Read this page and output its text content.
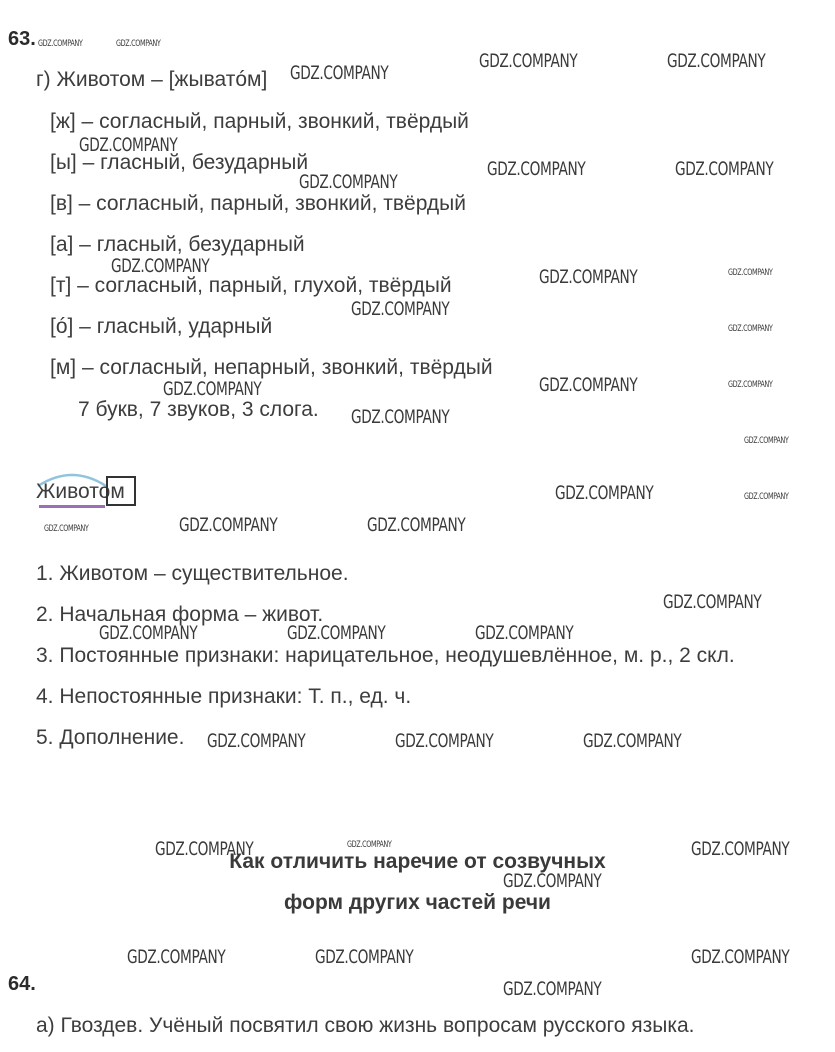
63.
г) Животом – [жыватóм]
[ж] – согласный, парный, звонкий, твёрдый
[ы] – гласный, безударный
[в] – согласный, парный, звонкий, твёрдый
[а] – гласный, безударный
[т] – согласный, парный, глухой, твёрдый
[ó] – гласный, ударный
[м] – согласный, непарный, звонкий, твёрдый
7 букв, 7 звуков, 3 слога.
Животом
1. Животом – существительное.
2. Начальная форма – живот.
3. Постоянные признаки: нарицательное, неодушевлённое, м. р., 2 скл.
4. Непостоянные признаки: Т. п., ед. ч.
5. Дополнение.
Как отличить наречие от созвучных
форм других частей речи
64.
а) Гвоздев. Учёный посвятил свою жизнь вопросам русского языка.
GDZ.COMPANY	GDZ.COMPANY
GDZ.COMPANY
GDZ.COMPANY	GDZ.COMPANY
GDZ.COMPANY
GDZ.COMPANY
GDZ.COMPANY	GDZ.COMPANY
GDZ.COMPANY	GDZ.COMPANY	GDZ.COMPANY
GDZ.COMPANY
GDZ.COMPANY
GDZ.COMPANY	GDZ.COMPANY
GDZ.COMPANY
GDZ.COMPANY
GDZ.COMPANY
GDZ.COMPANY	GDZ.COMPANY
GDZ.COMPANY	GDZ.COMPANY	GDZ.COMPANY
GDZ.COMPANY
GDZ.COMPANY	GDZ.COMPANY	GDZ.COMPANY
GDZ.COMPANY	GDZ.COMPANY	GDZ.COMPANY
GDZ.COMPANY	GDZ.COMPANY	GDZ.COMPANY
GDZ.COMPANY
GDZ.COMPANY	GDZ.COMPANY	GDZ.COMPANY
GDZ.COMPANY
